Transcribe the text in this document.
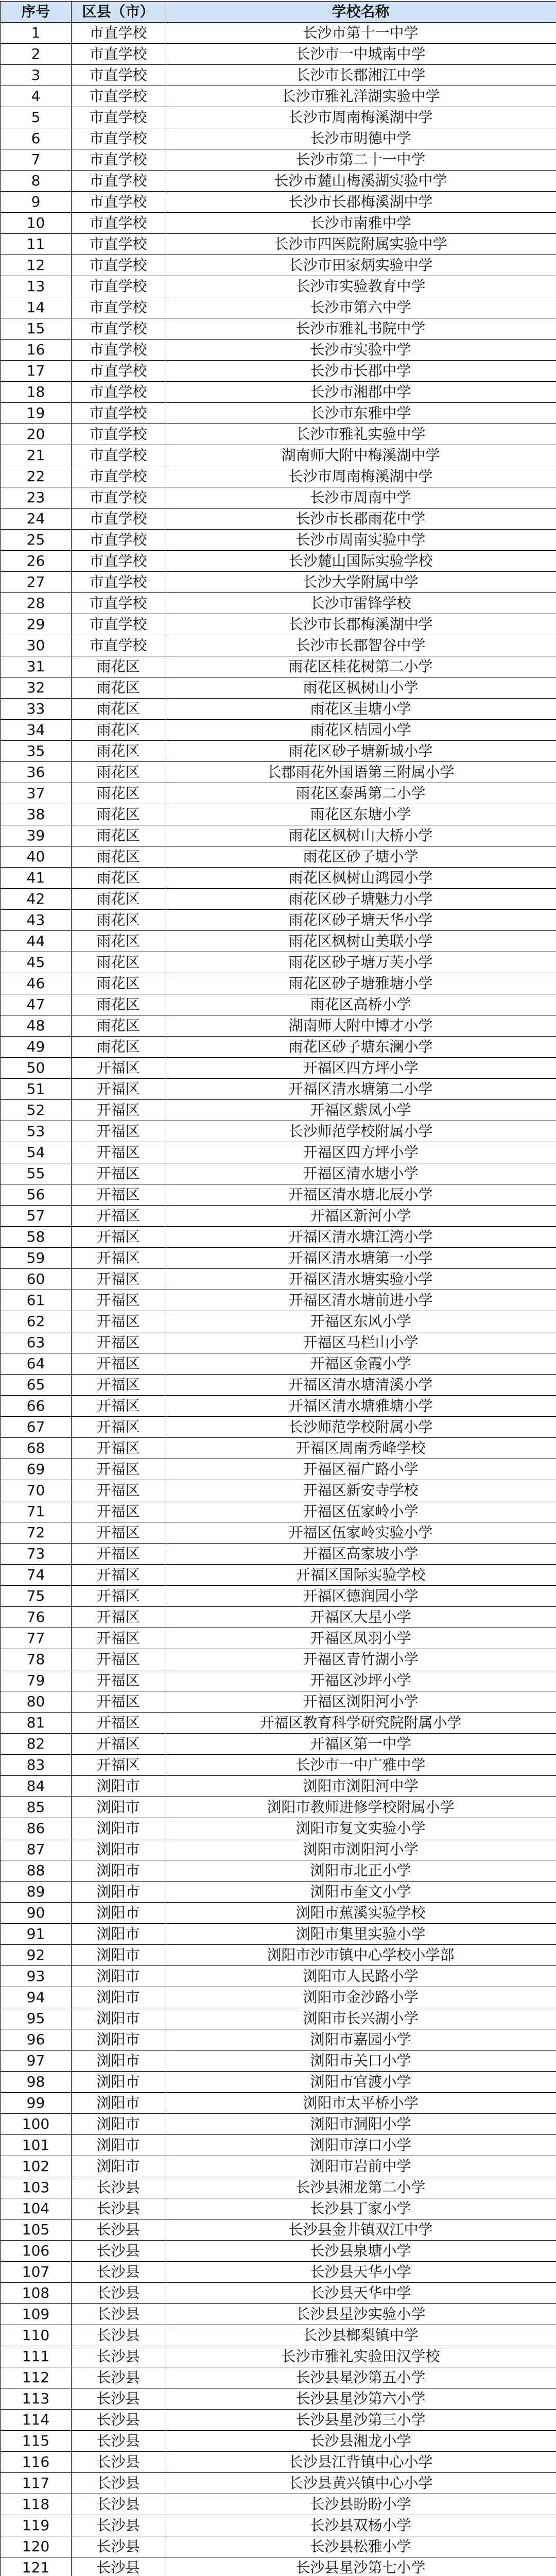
序号	区县（市）	学校名称
1	市直学校	长沙市第十一中学
2	市直学校	长沙市一中城南中学
3	市直学校	长沙市长郡湘江中学
4	市直学校	长沙市雅礼洋湖实验中学
5	市直学校	长沙市周南梅溪湖中学
6	市直学校	长沙市明德中学
7	市直学校	长沙市第二十一中学
8	市直学校	长沙市麓山梅溪湖实验中学
9	市直学校	长沙市长郡梅溪湖中学
10	市直学校	长沙市南雅中学
11	市直学校	长沙市四医院附属实验中学
12	市直学校	长沙市田家炳实验中学
13	市直学校	长沙市实验教育中学
14	市直学校	长沙市第六中学
15	市直学校	长沙市雅礼书院中学
16	市直学校	长沙市实验中学
17	市直学校	长沙市长郡中学
18	市直学校	长沙市湘郡中学
19	市直学校	长沙市东雅中学
20	市直学校	长沙市雅礼实验中学
21	市直学校	湖南师大附中梅溪湖中学
22	市直学校	长沙市周南梅溪湖中学
23	市直学校	长沙市周南中学
24	市直学校	长沙市长郡雨花中学
25	市直学校	长沙市周南实验中学
26	市直学校	长沙麓山国际实验学校
27	市直学校	长沙大学附属中学
28	市直学校	长沙市雷锋学校
29	市直学校	长沙市长郡梅溪湖中学
30	市直学校	长沙市长郡智谷中学
31	雨花区	雨花区桂花树第二小学
32	雨花区	雨花区枫树山小学
33	雨花区	雨花区圭塘小学
34	雨花区	雨花区桔园小学
35	雨花区	雨花区砂子塘新城小学
36	雨花区	长郡雨花外国语第三附属小学
37	雨花区	雨花区泰禹第二小学
38	雨花区	雨花区东塘小学
39	雨花区	雨花区枫树山大桥小学
40	雨花区	雨花区砂子塘小学
41	雨花区	雨花区枫树山鸿园小学
42	雨花区	雨花区砂子塘魅力小学
43	雨花区	雨花区砂子塘天华小学
44	雨花区	雨花区枫树山美联小学
45	雨花区	雨花区砂子塘万芙小学
46	雨花区	雨花区砂子塘雅塘小学
47	雨花区	雨花区高桥小学
48	雨花区	湖南师大附中博才小学
49	雨花区	雨花区砂子塘东澜小学
50	开福区	开福区四方坪小学
51	开福区	开福区清水塘第二小学
52	开福区	开福区紫凤小学
53	开福区	长沙师范学校附属小学
54	开福区	开福区四方坪小学
55	开福区	开福区清水塘小学
56	开福区	开福区清水塘北辰小学
57	开福区	开福区新河小学
58	开福区	开福区清水塘江湾小学
59	开福区	开福区清水塘第一小学
60	开福区	开福区清水塘实验小学
61	开福区	开福区清水塘前进小学
62	开福区	开福区东风小学
63	开福区	开福区马栏山小学
64	开福区	开福区金霞小学
65	开福区	开福区清水塘清溪小学
66	开福区	开福区清水塘雅塘小学
67	开福区	长沙师范学校附属小学
68	开福区	开福区周南秀峰学校
69	开福区	开福区福广路小学
70	开福区	开福区新安寺学校
71	开福区	开福区伍家岭小学
72	开福区	开福区伍家岭实验小学
73	开福区	开福区高家坡小学
74	开福区	开福区国际实验学校
75	开福区	开福区德润园小学
76	开福区	开福区大星小学
77	开福区	开福区凤羽小学
78	开福区	开福区青竹湖小学
79	开福区	开福区沙坪小学
80	开福区	开福区浏阳河小学
81	开福区	开福区教育科学研究院附属小学
82	开福区	开福区第一中学
83	开福区	长沙市一中广雅中学
84	浏阳市	浏阳市浏阳河中学
85	浏阳市	浏阳市教师进修学校附属小学
86	浏阳市	浏阳市复文实验小学
87	浏阳市	浏阳市浏阳河小学
88	浏阳市	浏阳市北正小学
89	浏阳市	浏阳市奎文小学
90	浏阳市	浏阳市蕉溪实验学校
91	浏阳市	浏阳市集里实验小学
92	浏阳市	浏阳市沙市镇中心学校小学部
93	浏阳市	浏阳市人民路小学
94	浏阳市	浏阳市金沙路小学
95	浏阳市	浏阳市长兴湖小学
96	浏阳市	浏阳市嘉园小学
97	浏阳市	浏阳市关口小学
98	浏阳市	浏阳市官渡小学
99	浏阳市	浏阳市太平桥小学
100	浏阳市	浏阳市洞阳小学
101	浏阳市	浏阳市淳口小学
102	浏阳市	浏阳市岩前中学
103	长沙县	长沙县湘龙第二小学
104	长沙县	长沙县丁家小学
105	长沙县	长沙县金井镇双江中学
106	长沙县	长沙县泉塘小学
107	长沙县	长沙县天华小学
108	长沙县	长沙县天华中学
109	长沙县	长沙县星沙实验小学
110	长沙县	长沙县榔梨镇中学
111	长沙县	长沙市雅礼实验田汉学校
112	长沙县	长沙县星沙第五小学
113	长沙县	长沙县星沙第六小学
114	长沙县	长沙县星沙第三小学
115	长沙县	长沙县湘龙小学
116	长沙县	长沙县江背镇中心小学
117	长沙县	长沙县黄兴镇中心小学
118	长沙县	长沙县盼盼小学
119	长沙县	长沙县双杨小学
120	长沙县	长沙县松雅小学
121	长沙县	长沙县星沙第七小学
